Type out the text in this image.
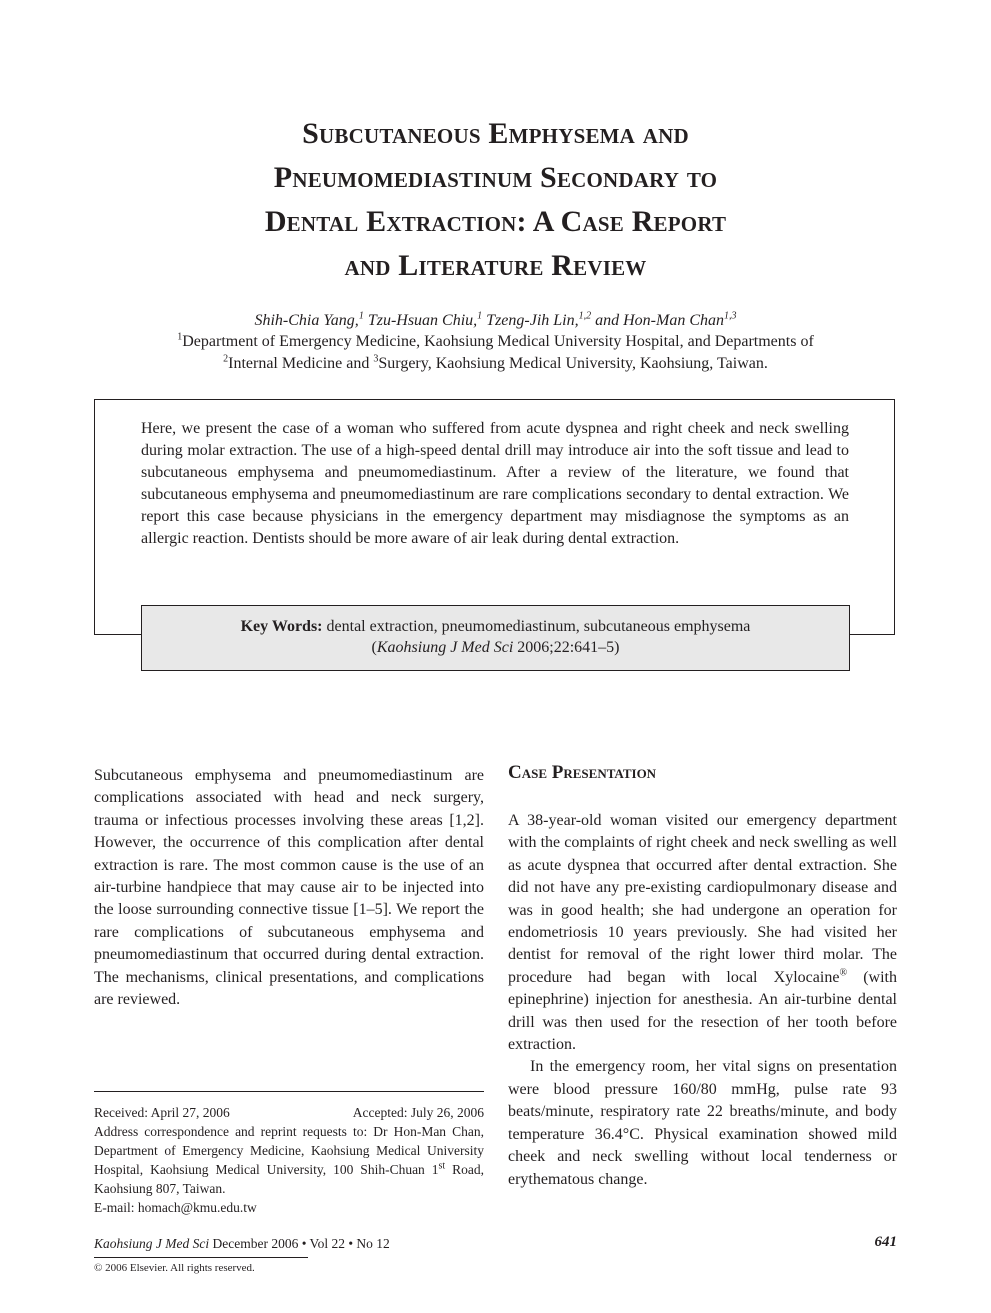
Subcutaneous Emphysema and
Pneumomediastinum Secondary to
Dental Extraction: A Case Report
and Literature Review
Shih-Chia Yang,$^1$ Tzu-Hsuan Chiu,$^1$ Tzeng-Jih Lin,$^{1,2}$ and Hon-Man Chan$^{1,3}$
$^1$Department of Emergency Medicine, Kaohsiung Medical University Hospital, and Departments of
$^2$Internal Medicine and $^3$Surgery, Kaohsiung Medical University, Kaohsiung, Taiwan.
Here, we present the case of a woman who suffered from acute dyspnea and right cheek and neck swelling during molar extraction. The use of a high-speed dental drill may introduce air into the soft tissue and lead to subcutaneous emphysema and pneumomediastinum. After a review of the literature, we found that subcutaneous emphysema and pneumomediastinum are rare complications secondary to dental extraction. We report this case because physicians in the emergency department may misdiagnose the symptoms as an allergic reaction. Dentists should be more aware of air leak during dental extraction.
Key Words: dental extraction, pneumomediastinum, subcutaneous emphysema
(Kaohsiung J Med Sci 2006;22:641–5)

Subcutaneous emphysema and pneumomediastinum are complications associated with head and neck surgery, trauma or infectious processes involving these areas [1,2]. However, the occurrence of this complication after dental extraction is rare. The most common cause is the use of an air-turbine handpiece that may cause air to be injected into the loose surrounding connective tissue [1–5]. We report the rare complications of subcutaneous emphysema and pneumomediastinum that occurred during dental extraction. The mechanisms, clinical presentations, and complications are reviewed.

Case Presentation

A 38-year-old woman visited our emergency department with the complaints of right cheek and neck swelling as well as acute dyspnea that occurred after dental extraction. She did not have any pre-existing cardiopulmonary disease and was in good health; she had undergone an operation for endometriosis 10 years previously. She had visited her dentist for removal of the right lower third molar. The procedure had began with local Xylocaine® (with epinephrine) injection for anesthesia. An air-turbine dental drill was then used for the resection of her tooth before extraction.

In the emergency room, her vital signs on presentation were blood pressure 160/80 mmHg, pulse rate 93 beats/minute, respiratory rate 22 breaths/minute, and body temperature 36.4°C. Physical examination showed mild cheek and neck swelling without local tenderness or erythematous change.

Received: April 27, 2006	Accepted: July 26, 2006
Address correspondence and reprint requests to: Dr Hon-Man Chan, Department of Emergency Medicine, Kaohsiung Medical University Hospital, Kaohsiung Medical University, 100 Shih-Chuan 1st Road, Kaohsiung 807, Taiwan.
E-mail: homach@kmu.edu.tw
Kaohsiung J Med Sci December 2006 • Vol 22 • No 12	641
© 2006 Elsevier. All rights reserved.
